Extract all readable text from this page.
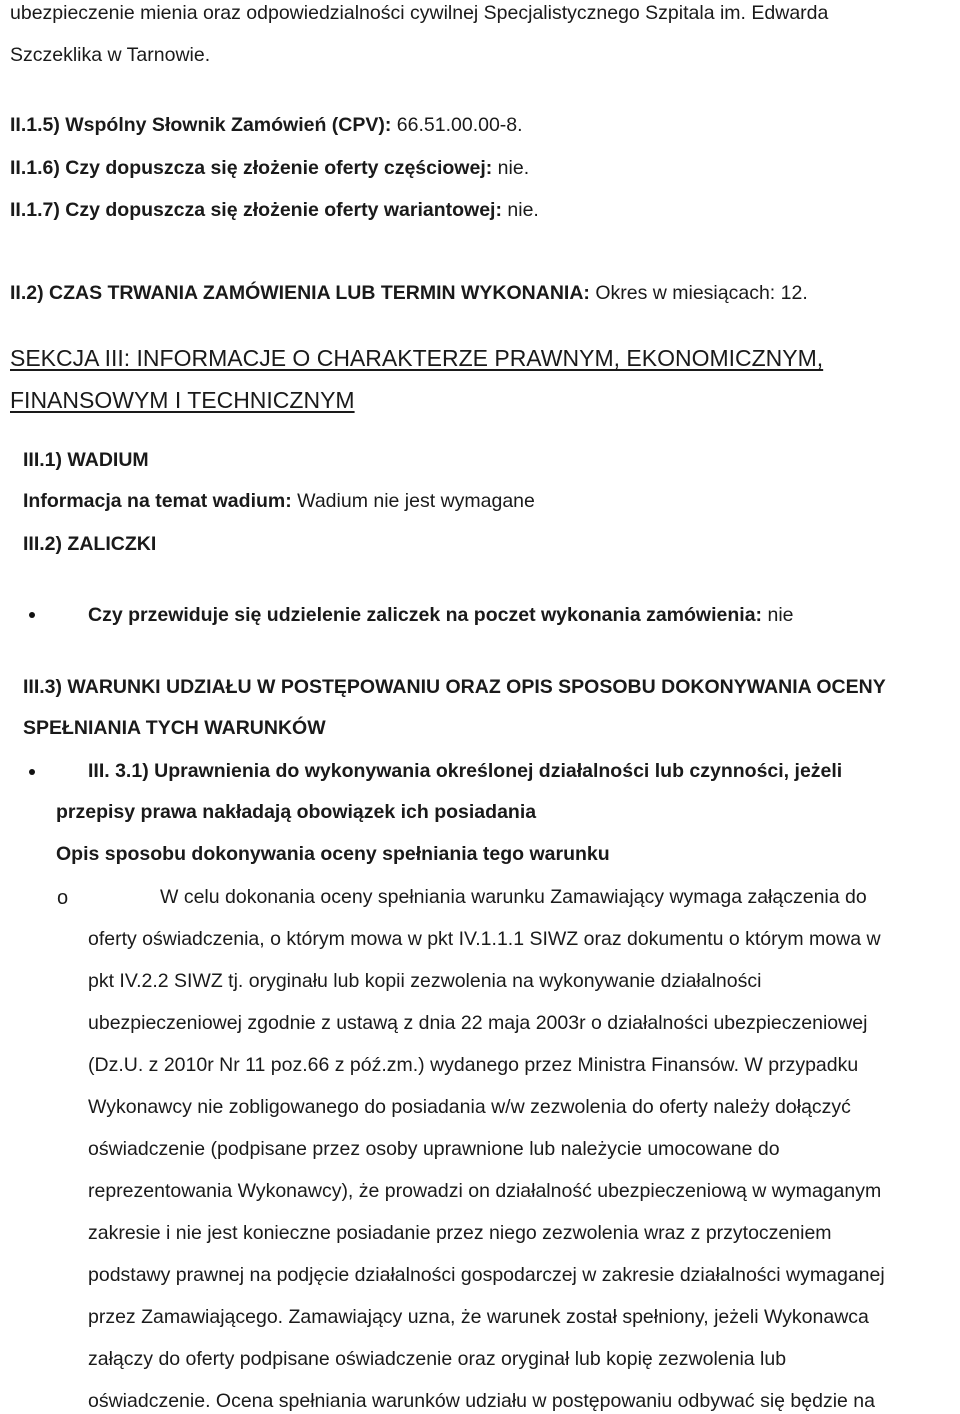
ubezpieczenie mienia oraz odpowiedzialności cywilnej Specjalistycznego Szpitala im. Edwarda
Szczeklika w Tarnowie.
II.1.5) Wspólny Słownik Zamówień (CPV): 66.51.00.00-8.
II.1.6) Czy dopuszcza się złożenie oferty częściowej: nie.
II.1.7) Czy dopuszcza się złożenie oferty wariantowej: nie.
II.2) CZAS TRWANIA ZAMÓWIENIA LUB TERMIN WYKONANIA: Okres w miesiącach: 12.
SEKCJA III: INFORMACJE O CHARAKTERZE PRAWNYM, EKONOMICZNYM,
FINANSOWYM I TECHNICZNYM
III.1) WADIUM
Informacja na temat wadium: Wadium nie jest wymagane
III.2) ZALICZKI
Czy przewiduje się udzielenie zaliczek na poczet wykonania zamówienia: nie
III.3) WARUNKI UDZIAŁU W POSTĘPOWANIU ORAZ OPIS SPOSOBU DOKONYWANIA OCENY
SPEŁNIANIA TYCH WARUNKÓW
III. 3.1) Uprawnienia do wykonywania określonej działalności lub czynności, jeżeli
przepisy prawa nakładają obowiązek ich posiadania
Opis sposobu dokonywania oceny spełniania tego warunku
o	W celu dokonania oceny spełniania warunku Zamawiający wymaga załączenia do
oferty oświadczenia, o którym mowa w pkt IV.1.1.1 SIWZ oraz dokumentu o którym mowa w
pkt IV.2.2 SIWZ tj. oryginału lub kopii zezwolenia na wykonywanie działalności
ubezpieczeniowej zgodnie z ustawą z dnia 22 maja 2003r o działalności ubezpieczeniowej
(Dz.U. z 2010r Nr 11 poz.66 z póź.zm.) wydanego przez Ministra Finansów. W przypadku
Wykonawcy nie zobligowanego do posiadania w/w zezwolenia do oferty należy dołączyć
oświadczenie (podpisane przez osoby uprawnione lub należycie umocowane do
reprezentowania Wykonawcy), że prowadzi on działalność ubezpieczeniową w wymaganym
zakresie i nie jest konieczne posiadanie przez niego zezwolenia wraz z przytoczeniem
podstawy prawnej na podjęcie działalności gospodarczej w zakresie działalności wymaganej
przez Zamawiającego. Zamawiający uzna, że warunek został spełniony, jeżeli Wykonawca
załączy do oferty podpisane oświadczenie oraz oryginał lub kopię zezwolenia lub
oświadczenie. Ocena spełniania warunków udziału w postępowaniu odbywać się będzie na
